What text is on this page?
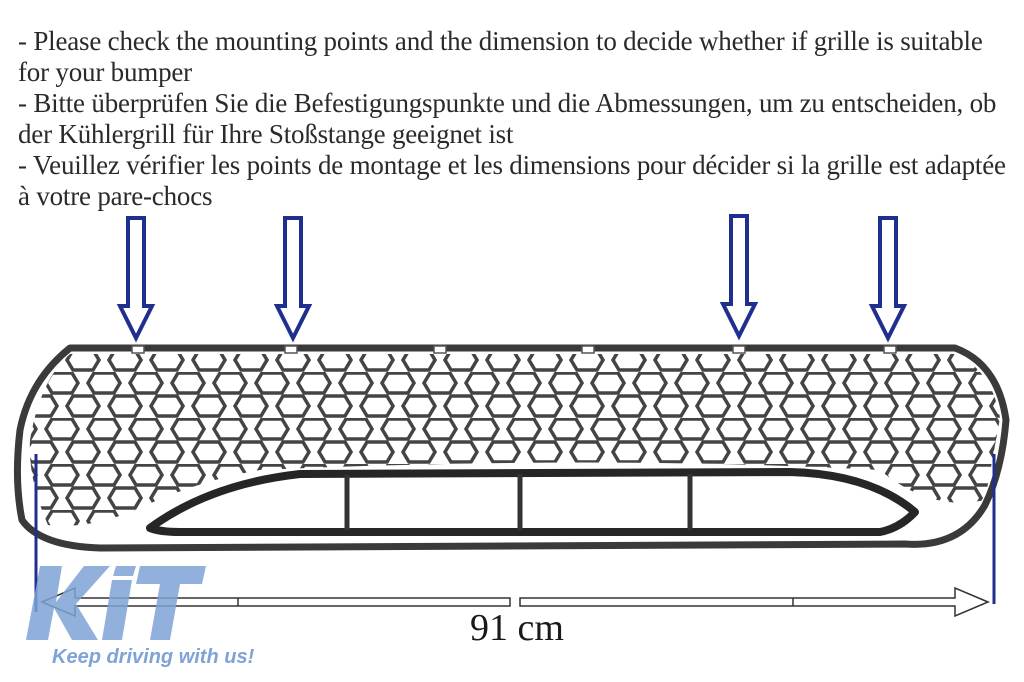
- Please check the mounting points and the dimension to decide whether if grille is suitable for your bumper

- Bitte überprüfen Sie die Befestigungspunkte und die Abmessungen, um zu entscheiden, ob der Kühlergrill für Ihre Stoßstange geeignet ist

- Veuillez vérifier les points de montage et les dimensions pour décider si la grille est adaptée à votre pare-chocs

91 cm
Keep driving with us!
